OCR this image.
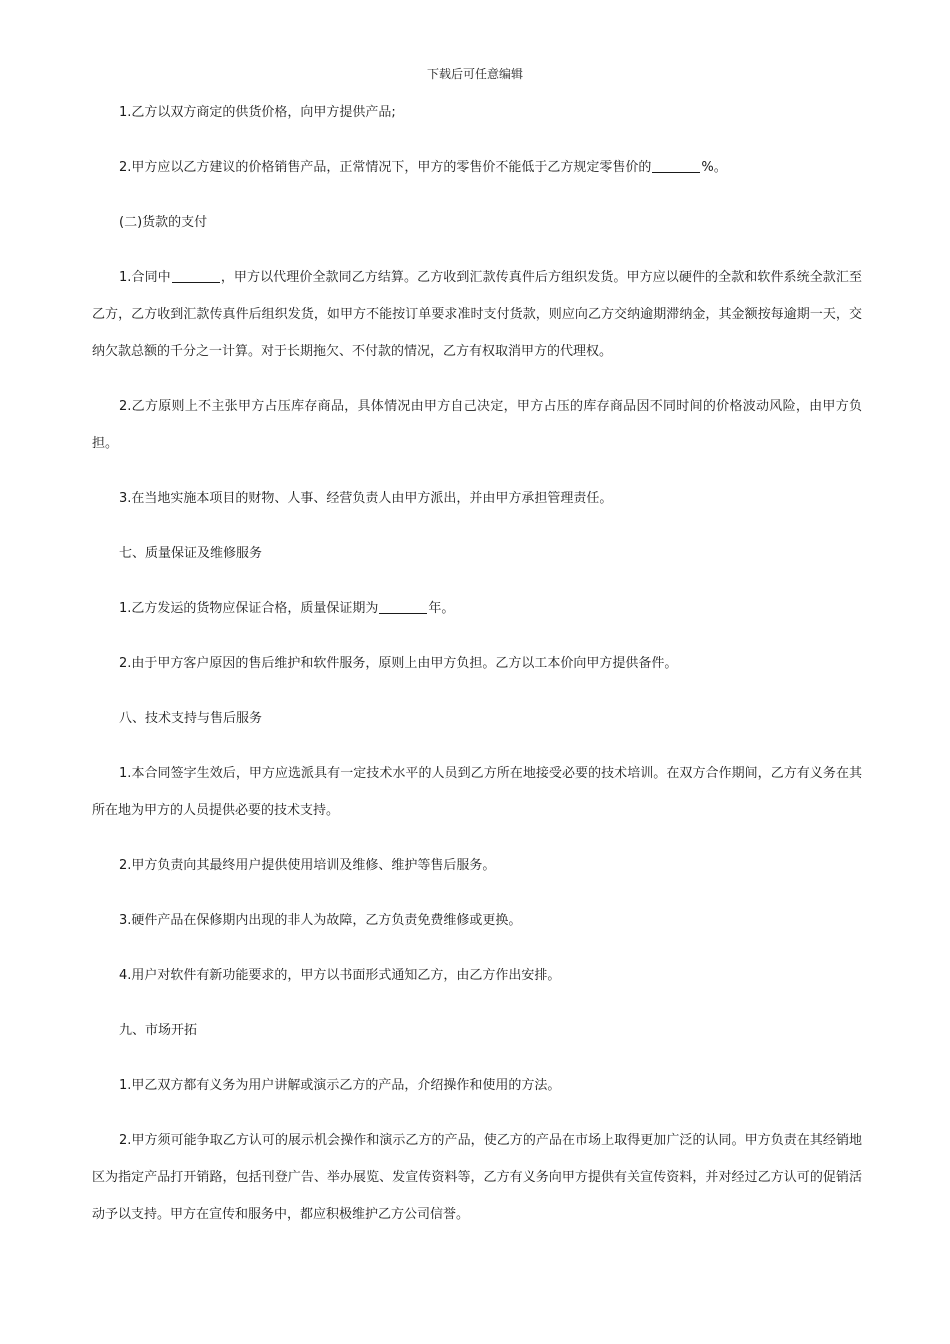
下载后可任意编辑

1.乙方以双方商定的供货价格，向甲方提供产品;

2.甲方应以乙方建议的价格销售产品，正常情况下，甲方的零售价不能低于乙方规定零售价的	%。

(二)货款的支付

1.合同中	，甲方以代理价全款同乙方结算。乙方收到汇款传真件后方组织发货。甲方应以硬件的全款和软件系统全款汇至乙方，乙方收到汇款传真件后组织发货，如甲方不能按订单要求准时支付货款，则应向乙方交纳逾期滞纳金，其金额按每逾期一天，交纳欠款总额的千分之一计算。对于长期拖欠、不付款的情况，乙方有权取消甲方的代理权。

2.乙方原则上不主张甲方占压库存商品，具体情况由甲方自己决定，甲方占压的库存商品因不同时间的价格波动风险，由甲方负担。

3.在当地实施本项目的财物、人事、经营负责人由甲方派出，并由甲方承担管理责任。

七、质量保证及维修服务

1.乙方发运的货物应保证合格，质量保证期为	年。

2.由于甲方客户原因的售后维护和软件服务，原则上由甲方负担。乙方以工本价向甲方提供备件。

八、技术支持与售后服务

1.本合同签字生效后，甲方应选派具有一定技术水平的人员到乙方所在地接受必要的技术培训。在双方合作期间，乙方有义务在其所在地为甲方的人员提供必要的技术支持。

2.甲方负责向其最终用户提供使用培训及维修、维护等售后服务。

3.硬件产品在保修期内出现的非人为故障，乙方负责免费维修或更换。

4.用户对软件有新功能要求的，甲方以书面形式通知乙方，由乙方作出安排。

九、市场开拓

1.甲乙双方都有义务为用户讲解或演示乙方的产品，介绍操作和使用的方法。

2.甲方须可能争取乙方认可的展示机会操作和演示乙方的产品，使乙方的产品在市场上取得更加广泛的认同。甲方负责在其经销地区为指定产品打开销路，包括刊登广告、举办展览、发宣传资料等，乙方有义务向甲方提供有关宣传资料，并对经过乙方认可的促销活动予以支持。甲方在宣传和服务中，都应积极维护乙方公司信誉。
